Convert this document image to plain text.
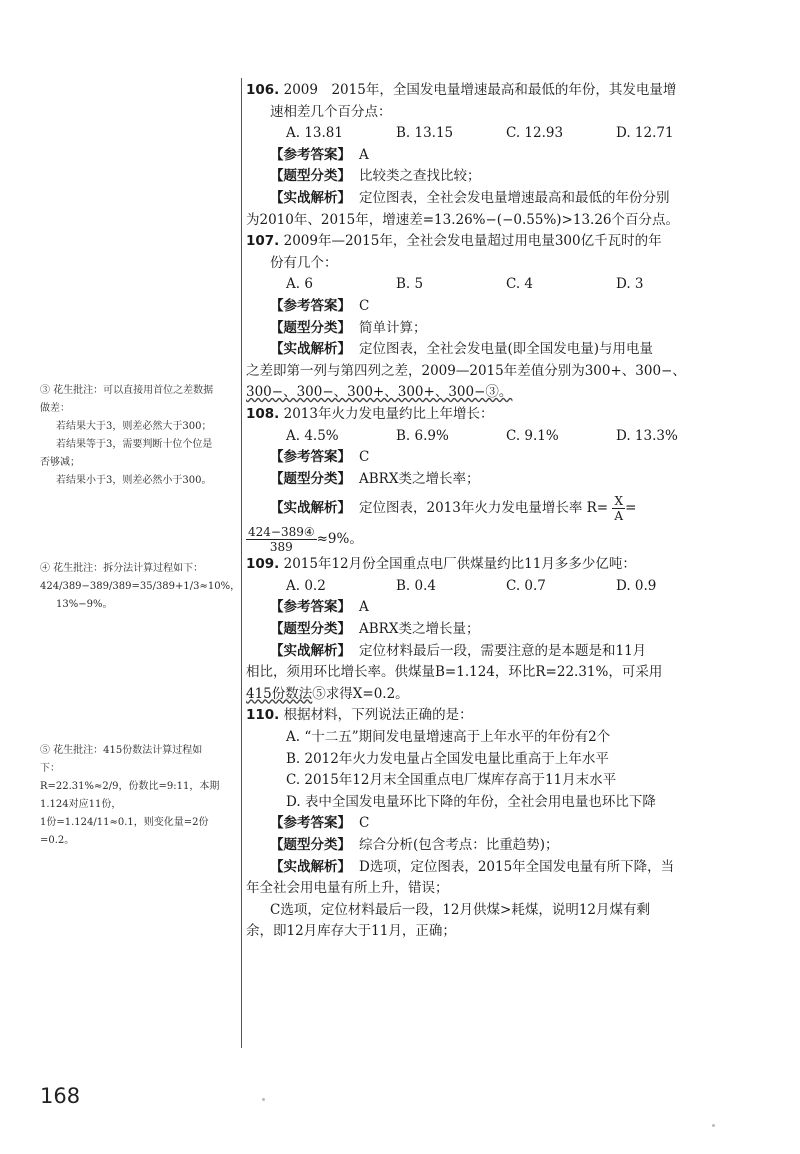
106. 2009　2015年，全国发电量增速最高和最低的年份，其发电量增
速相差几个百分点：
A. 13.81	B. 13.15	C. 12.93	D. 12.71
【参考答案】 A
【题型分类】 比较类之查找比较；
【实战解析】 定位图表，全社会发电量增速最高和最低的年份分别
为2010年、2015年，增速差=13.26%−(−0.55%)>13.26个百分点。
107. 2009年—2015年，全社会发电量超过用电量300亿千瓦时的年
份有几个：
A. 6	B. 5	C. 4	D. 3
【参考答案】 C
【题型分类】 简单计算；
【实战解析】 定位图表，全社会发电量(即全国发电量)与用电量
之差即第一列与第四列之差，2009—2015年差值分别为300+、300−、
300−、300−、300+、300+、300−③。
108. 2013年火力发电量约比上年增长：
A. 4.5%	B. 6.9%	C. 9.1%	D. 13.3%
【参考答案】 C
【题型分类】 ABRX类之增长率；
【实战解析】 定位图表，2013年火力发电量增长率 $R= \frac{X}{A}$ =
$\frac{\text{424−389④}}{389} \approx 9\%$。
109. 2015年12月份全国重点电厂供煤量约比11月多多少亿吨：
A. 0.2	B. 0.4	C. 0.7	D. 0.9
【参考答案】 A
【题型分类】 ABRX类之增长量；
【实战解析】 定位材料最后一段，需要注意的是本题是和11月
相比，须用环比增长率。供煤量B=1.124，环比R=22.31%，可采用
415份数法⑤求得X=0.2。
110. 根据材料，下列说法正确的是：
A. “十二五”期间发电量增速高于上年水平的年份有2个
B. 2012年火力发电量占全国发电量比重高于上年水平
C. 2015年12月末全国重点电厂煤库存高于11月末水平
D. 表中全国发电量环比下降的年份，全社会用电量也环比下降
【参考答案】 C
【题型分类】 综合分析(包含考点：比重趋势)；
【实战解析】 D选项，定位图表，2015年全国发电量有所下降，当
年全社会用电量有所上升，错误；
C选项，定位材料最后一段，12月供煤>耗煤，说明12月煤有剩
余，即12月库存大于11月，正确；

③ 花生批注：可以直接用首位之差数据做差：

若结果大于3，则差必然大于300；

若结果等于3，需要判断十位个位是否够减；

若结果小于3，则差必然小于300。

④ 花生批注：拆分法计算过程如下：

424/389−389/389=35/389+1/3≈10%，

13%−9%。

⑤ 花生批注：415份数法计算过程如下：

R=22.31%≈2/9，份数比=9:11，本期1.124对应11份，

1份=1.124/11≈0.1，则变化量=2份=0.2。

168
